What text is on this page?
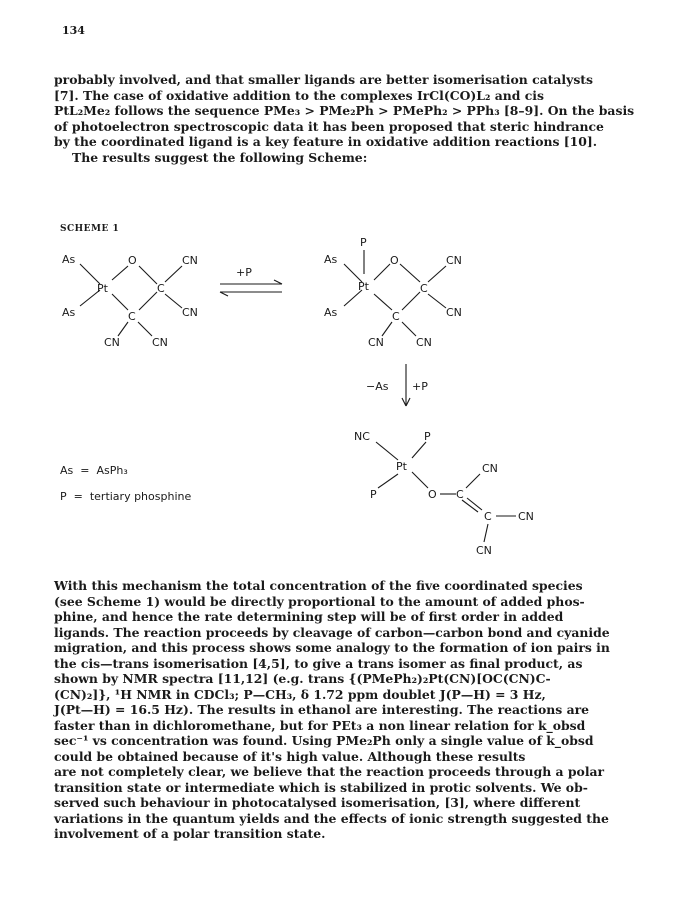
134
probably involved, and that smaller ligands are better isomerisation catalysts
[7]. The case of oxidative addition to the complexes IrCl(CO)L₂ and cis
PtL₂Me₂ follows the sequence PMe₃ > PMe₂Ph > PMePh₂ > PPh₃ [8–9]. On the basis
of photoelectron spectroscopic data it has been proposed that steric hindrance
by the coordinated ligand is a key feature in oxidative addition reactions [10].
The results suggest the following Scheme:
SCHEME 1
As
As
Pt
O
C
C
CN
CN
CN	CN
+P
P
As
As
Pt
O
C
C
CN
CN
CN	CN
−As +P
NC	P
Pt
P	O C
CN
C CN
CN
As  =  AsPh₃
P  =  tertiary phosphine
With this mechanism the total concentration of the five coordinated species
(see Scheme 1) would be directly proportional to the amount of added phos-
phine, and hence the rate determining step will be of first order in added
ligands. The reaction proceeds by cleavage of carbon—carbon bond and cyanide
migration, and this process shows some analogy to the formation of ion pairs in
the cis—trans isomerisation [4,5], to give a trans isomer as final product, as
shown by NMR spectra [11,12] (e.g. trans {(PMePh₂)₂Pt(CN)[OC(CN)C-
(CN)₂]}, ¹H NMR in CDCl₃; P—CH₃, δ 1.72 ppm doublet J(P—H) = 3 Hz,
J(Pt—H) = 16.5 Hz). The results in ethanol are interesting. The reactions are
faster than in dichloromethane, but for PEt₃ a non linear relation for k_obsd
sec⁻¹ vs concentration was found. Using PMe₂Ph only a single value of k_obsd
could be obtained because of it's high value. Although these results
are not completely clear, we believe that the reaction proceeds through a polar
transition state or intermediate which is stabilized in protic solvents. We ob-
served such behaviour in photocatalysed isomerisation, [3], where different
variations in the quantum yields and the effects of ionic strength suggested the
involvement of a polar transition state.
